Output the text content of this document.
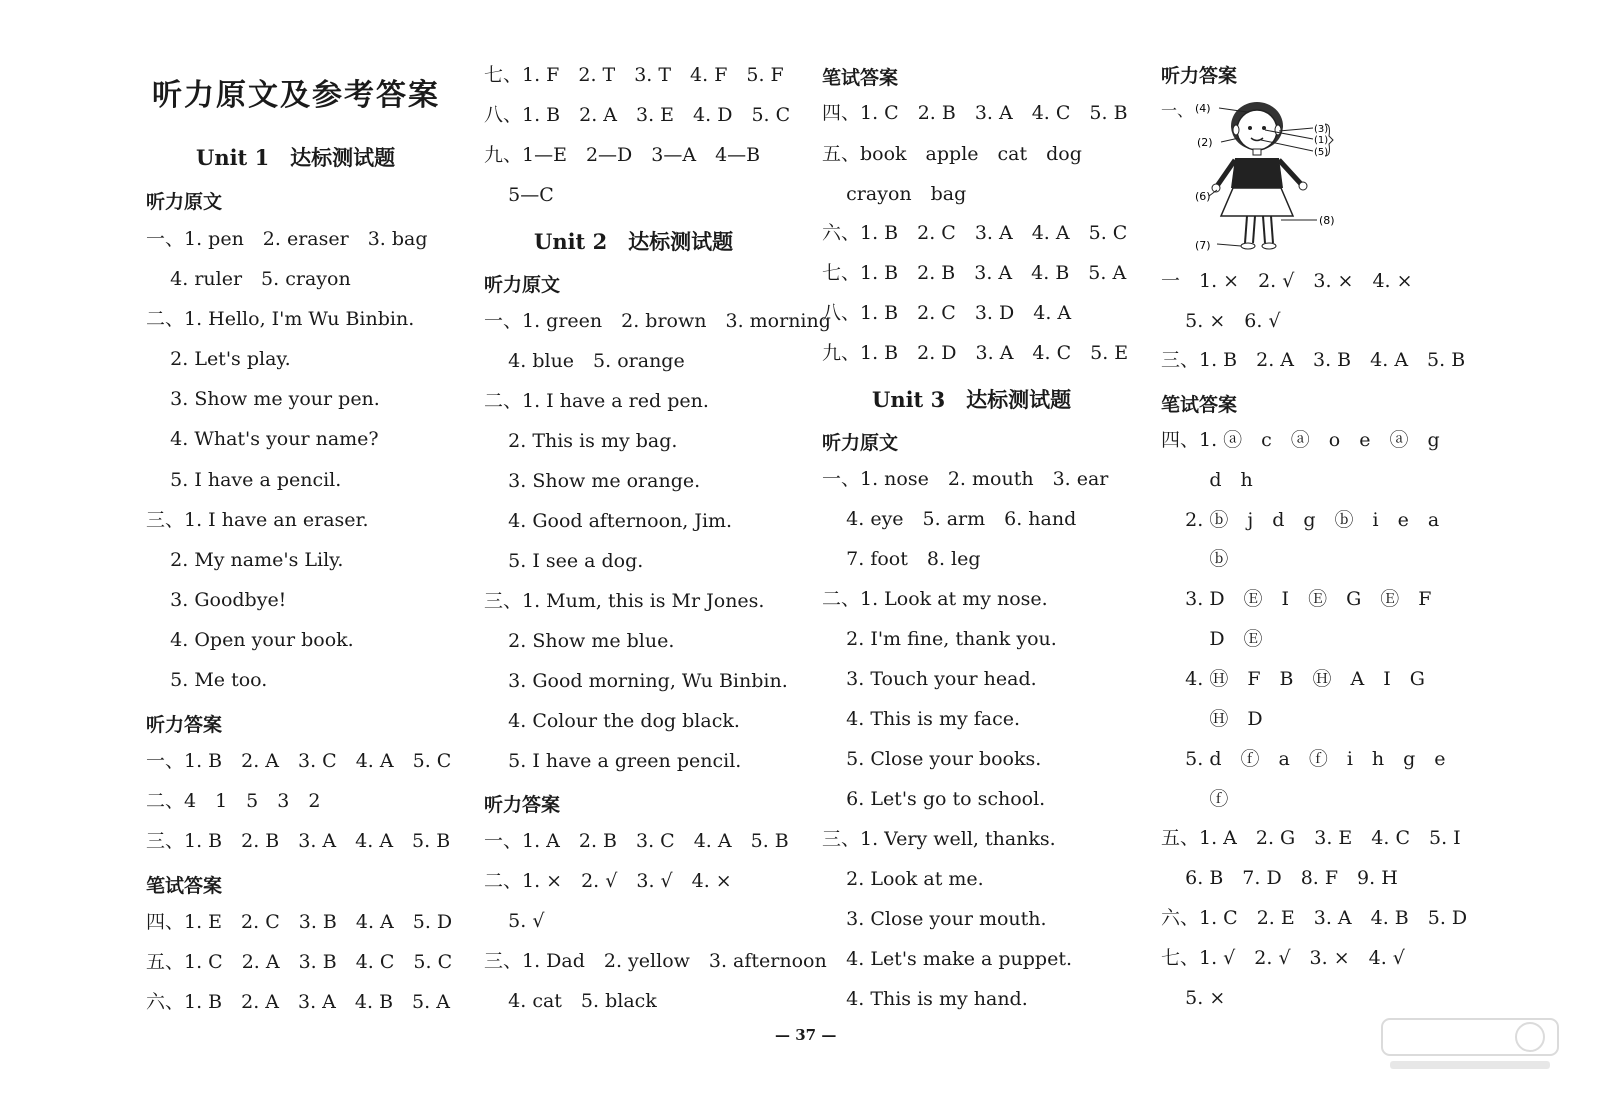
听力原文及参考答案
Unit 1　达标测试题
听力原文
一、1. pen　2. eraser　3. bag
4. ruler　5. crayon
二、1. Hello, I'm Wu Binbin.
2. Let's play.
3. Show me your pen.
4. What's your name?
5. I have a pencil.
三、1. I have an eraser.
2. My name's Lily.
3. Goodbye!
4. Open your book.
5. Me too.
听力答案
一、1. B　2. A　3. C　4. A　5. C
二、4　1　5　3　2
三、1. B　2. B　3. A　4. A　5. B
笔试答案
四、1. E　2. C　3. B　4. A　5. D
五、1. C　2. A　3. B　4. C　5. C
六、1. B　2. A　3. A　4. B　5. A
七、1. F　2. T　3. T　4. F　5. F
八、1. B　2. A　3. E　4. D　5. C
九、1—E　2—D　3—A　4—B
5—C
Unit 2　达标测试题
听力原文
一、1. green　2. brown　3. morning
4. blue　5. orange
二、1. I have a red pen.
2. This is my bag.
3. Show me orange.
4. Good afternoon, Jim.
5. I see a dog.
三、1. Mum, this is Mr Jones.
2. Show me blue.
3. Good morning, Wu Binbin.
4. Colour the dog black.
5. I have a green pencil.
听力答案
一、1. A　2. B　3. C　4. A　5. B
二、1. ×　2. √　3. √　4. ×
5. √
三、1. Dad　2. yellow　3. afternoon
4. cat　5. black
笔试答案
四、1. C　2. B　3. A　4. C　5. B
五、book　apple　cat　dog
crayon　bag
六、1. B　2. C　3. A　4. A　5. C
七、1. B　2. B　3. A　4. B　5. A
八、1. B　2. C　3. D　4. A
九、1. B　2. D　3. A　4. C　5. E
Unit 3　达标测试题
听力原文
一、1. nose　2. mouth　3. ear
4. eye　5. arm　6. hand
7. foot　8. leg
二、1. Look at my nose.
2. I'm fine, thank you.
3. Touch your head.
4. This is my face.
5. Close your books.
6. Let's go to school.
三、1. Very well, thanks.
2. Look at me.
3. Close your mouth.
4. Let's make a puppet.
4. This is my hand.
听力答案
一、
一　1. ×　2. √　3. ×　4. ×
5. ×　6. √
三、1. B　2. A　3. B　4. A　5. B
笔试答案
四、1. ⓐ　c　ⓐ　o　e　ⓐ　g
d　h
2. ⓑ　j　d　g　ⓑ　i　e　a
ⓑ
3. D　Ⓔ　I　Ⓔ　G　Ⓔ　F
D　Ⓔ
4. Ⓗ　F　B　Ⓗ　A　I　G
Ⓗ　D
5. d　ⓕ　a　ⓕ　i　h　g　e
ⓕ
五、1. A　2. G　3. E　4. C　5. I
6. B　7. D　8. F　9. H
六、1. C　2. E　3. A　4. B　5. D
七、1. √　2. √　3. ×　4. √
5. ×
(4)
(2)
(3)
(1)
(5)
(6)
(8)
(7)
— 37 —
